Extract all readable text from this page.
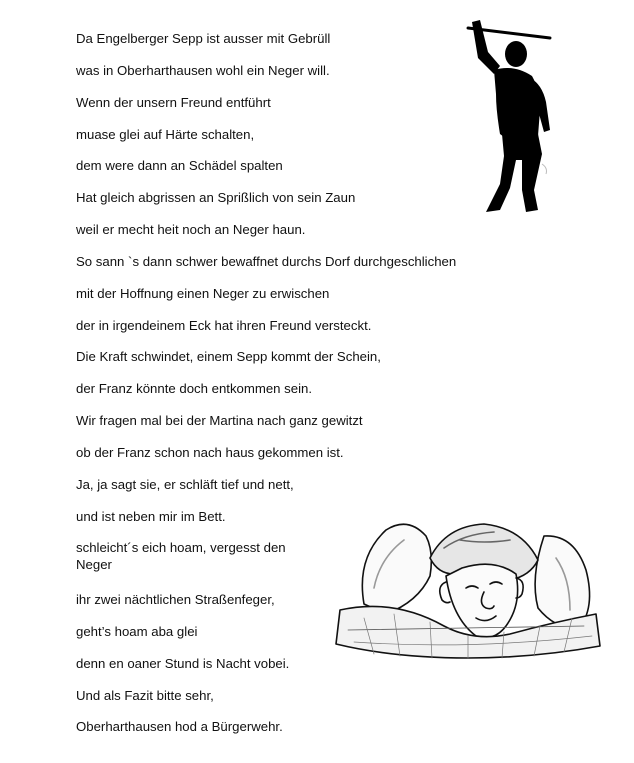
Da Engelberger Sepp ist ausser mit Gebrüll
was in Oberharthausen wohl ein Neger will.
Wenn der unsern Freund entführt
muase glei auf Härte schalten,
dem were dann an Schädel spalten
Hat gleich abgrissen an Sprißlich von sein Zaun
weil er mecht heit noch an Neger haun.
So sann `s dann schwer bewaffnet durchs Dorf durchgeschlichen
mit der Hoffnung einen Neger zu erwischen
der in irgendeinem Eck hat ihren Freund versteckt.
Die Kraft schwindet, einem Sepp kommt der Schein,
der Franz könnte doch entkommen sein.
Wir fragen mal bei der Martina nach ganz gewitzt
ob der Franz schon nach haus gekommen ist.
Ja, ja sagt sie, er schläft tief und nett,
und ist neben mir im Bett.
schleicht´s eich hoam, vergesst den Neger
ihr zwei nächtlichen Straßenfeger,
geht’s hoam aba glei
denn en oaner Stund is Nacht vobei.
Und als Fazit bitte sehr,
Oberharthausen hod a Bürgerwehr.
